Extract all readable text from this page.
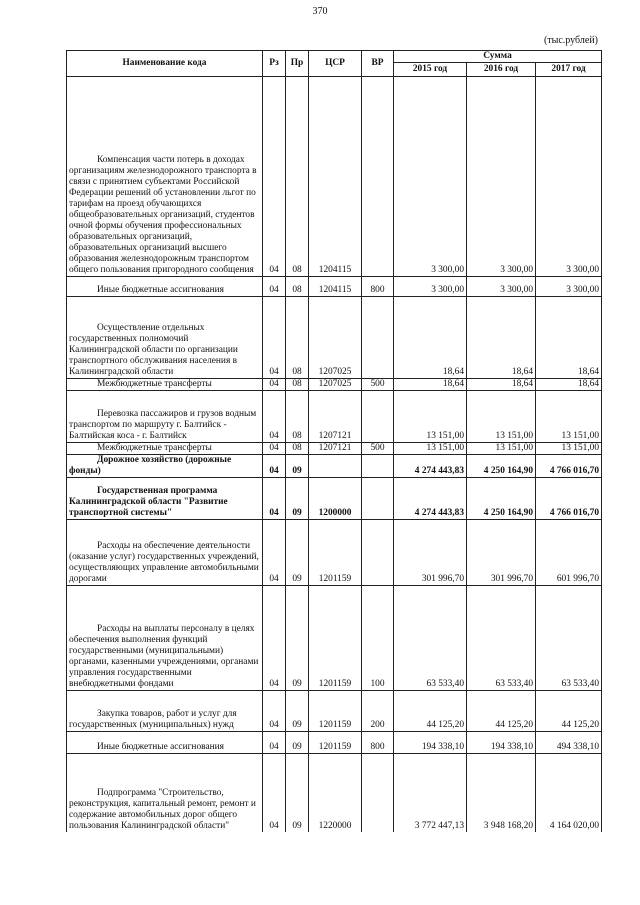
370
(тыс.рублей)
Наименование кода	Рз	Пр	ЦСР	ВР	Сумма		
					2015 год	2016 год	2017 год

Компенсация части потерь в доходах организациям железнодорожного транспорта в связи с принятием субъектами Российской Федерации решений об установлении льгот по тарифам на проезд обучающихся общеобразовательных организаций, студентов очной формы обучения профессиональных образовательных организаций, образовательных организаций высшего образования железнодорожным транспортом общего пользования пригородного сообщения	04	08	1204115		3 300,00	3 300,00	3 300,00

Иные бюджетные ассигнования	04	08	1204115	800	3 300,00	3 300,00	3 300,00

Осуществление отдельных государственных полномочий Калининградской области по организации транспортного обслуживания населения в Калининградской области	04	08	1207025		18,64	18,64	18,64

Межбюджетные трансферты	04	08	1207025	500	18,64	18,64	18,64

Перевозка пассажиров и грузов водным транспортом по маршруту г. Балтийск - Балтийская коса - г. Балтийск	04	08	1207121		13 151,00	13 151,00	13 151,00

Межбюджетные трансферты	04	08	1207121	500	13 151,00	13 151,00	13 151,00

Дорожное хозяйство (дорожные фонды)	04	09			4 274 443,83	4 250 164,90	4 766 016,70

Государственная программа Калининградской области "Развитие транспортной системы"	04	09	1200000		4 274 443,83	4 250 164,90	4 766 016,70

Расходы на обеспечение деятельности (оказание услуг) государственных учреждений, осуществляющих управление автомобильными дорогами	04	09	1201159		301 996,70	301 996,70	601 996,70

Расходы на выплаты персоналу в целях обеспечения выполнения функций государственными (муниципальными) органами, казенными учреждениями, органами управления государственными внебюджетными фондами	04	09	1201159	100	63 533,40	63 533,40	63 533,40

Закупка товаров, работ и услуг для государственных (муниципальных) нужд	04	09	1201159	200	44 125,20	44 125,20	44 125,20

Иные бюджетные ассигнования	04	09	1201159	800	194 338,10	194 338,10	494 338,10

Подпрограмма "Строительство, реконструкция, капитальный ремонт, ремонт и содержание автомобильных дорог общего пользования Калининградской области"	04	09	1220000		3 772 447,13	3 948 168,20	4 164 020,00
